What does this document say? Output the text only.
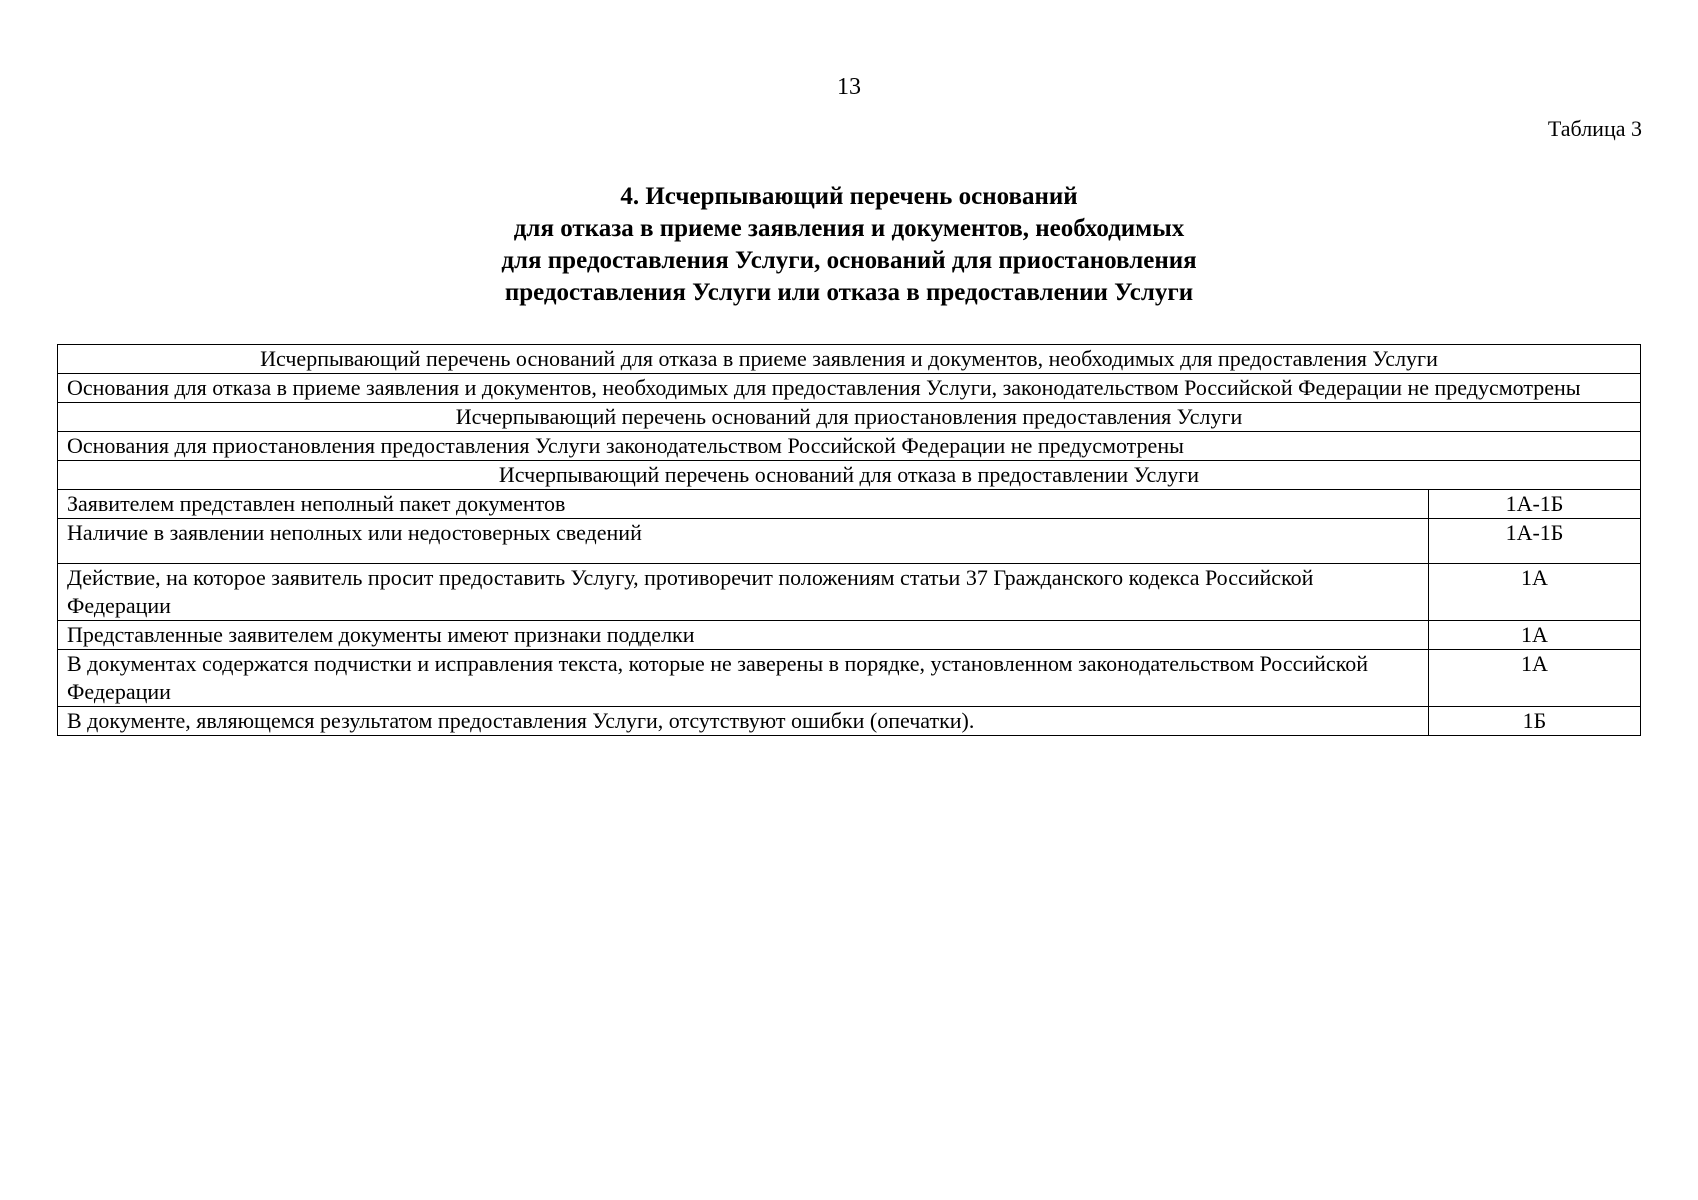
13
Таблица 3
4. Исчерпывающий перечень оснований
для отказа в приеме заявления и документов, необходимых
для предоставления Услуги, оснований для приостановления
предоставления Услуги или отказа в предоставлении Услуги
Исчерпывающий перечень оснований для отказа в приеме заявления и документов, необходимых для предоставления Услуги	
Основания для отказа в приеме заявления и документов, необходимых для предоставления Услуги, законодательством Российской Федерации не предусмотрены	
Исчерпывающий перечень оснований для приостановления предоставления Услуги	
Основания для приостановления предоставления Услуги законодательством Российской Федерации не предусмотрены	
Исчерпывающий перечень оснований для отказа в предоставлении Услуги	
Заявителем представлен неполный пакет документов	1А-1Б
Наличие в заявлении неполных или недостоверных сведений	1А-1Б
Действие, на которое заявитель просит предоставить Услугу, противоречит положениям статьи 37 Гражданского кодекса Российской Федерации	1А
Представленные заявителем документы имеют признаки подделки	1А
В документах содержатся подчистки и исправления текста, которые не заверены в порядке, установленном законодательством Российской Федерации	1А
В документе, являющемся результатом предоставления Услуги, отсутствуют ошибки (опечатки).	1Б
